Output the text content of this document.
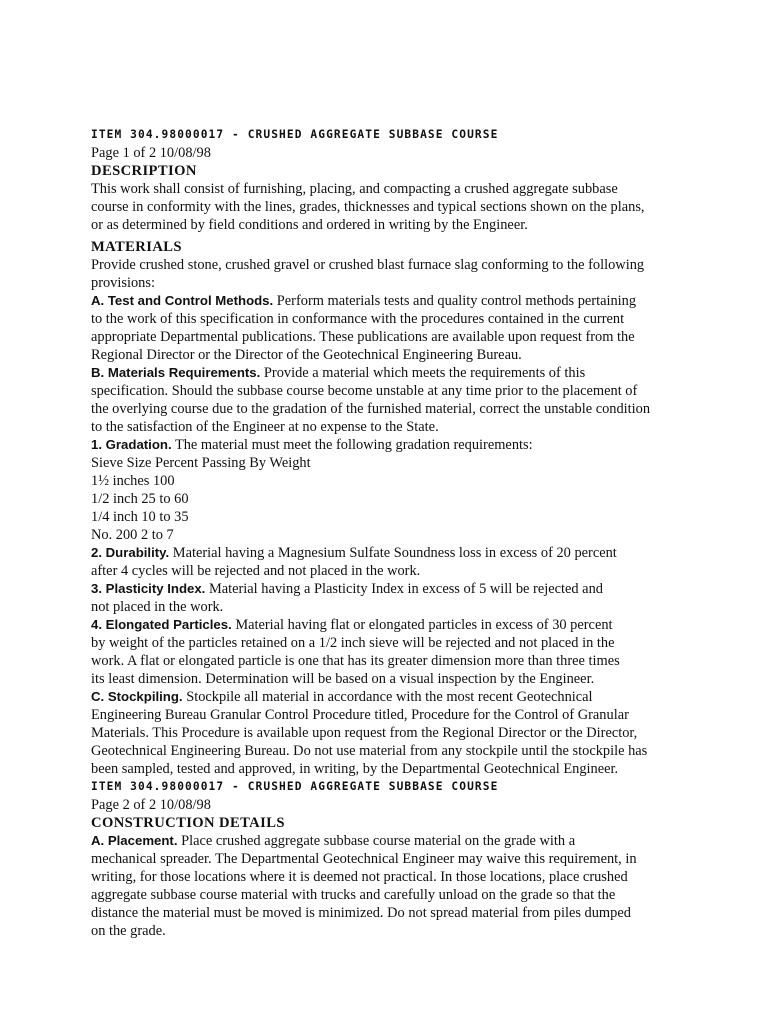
ITEM 304.98000017 - CRUSHED AGGREGATE SUBBASE COURSE
Page 1 of 2 10/08/98
DESCRIPTION
This work shall consist of furnishing, placing, and compacting a crushed aggregate subbase
course in conformity with the lines, grades, thicknesses and typical sections shown on the plans,
or as determined by field conditions and ordered in writing by the Engineer.
MATERIALS
Provide crushed stone, crushed gravel or crushed blast furnace slag conforming to the following
provisions:
A. Test and Control Methods. Perform materials tests and quality control methods pertaining
to the work of this specification in conformance with the procedures contained in the current
appropriate Departmental publications. These publications are available upon request from the
Regional Director or the Director of the Geotechnical Engineering Bureau.
B. Materials Requirements. Provide a material which meets the requirements of this
specification. Should the subbase course become unstable at any time prior to the placement of
the overlying course due to the gradation of the furnished material, correct the unstable condition
to the satisfaction of the Engineer at no expense to the State.
1. Gradation. The material must meet the following gradation requirements:
Sieve Size Percent Passing By Weight
1½ inches 100
1/2 inch 25 to 60
1/4 inch 10 to 35
No. 200 2 to 7
2. Durability. Material having a Magnesium Sulfate Soundness loss in excess of 20 percent
after 4 cycles will be rejected and not placed in the work.
3. Plasticity Index. Material having a Plasticity Index in excess of 5 will be rejected and
not placed in the work.
4. Elongated Particles. Material having flat or elongated particles in excess of 30 percent
by weight of the particles retained on a 1/2 inch sieve will be rejected and not placed in the
work. A flat or elongated particle is one that has its greater dimension more than three times
its least dimension. Determination will be based on a visual inspection by the Engineer.
C. Stockpiling. Stockpile all material in accordance with the most recent Geotechnical
Engineering Bureau Granular Control Procedure titled, Procedure for the Control of Granular
Materials. This Procedure is available upon request from the Regional Director or the Director,
Geotechnical Engineering Bureau. Do not use material from any stockpile until the stockpile has
been sampled, tested and approved, in writing, by the Departmental Geotechnical Engineer.
ITEM 304.98000017 - CRUSHED AGGREGATE SUBBASE COURSE
Page 2 of 2 10/08/98
CONSTRUCTION DETAILS
A. Placement. Place crushed aggregate subbase course material on the grade with a
mechanical spreader. The Departmental Geotechnical Engineer may waive this requirement, in
writing, for those locations where it is deemed not practical. In those locations, place crushed
aggregate subbase course material with trucks and carefully unload on the grade so that the
distance the material must be moved is minimized. Do not spread material from piles dumped
on the grade.
